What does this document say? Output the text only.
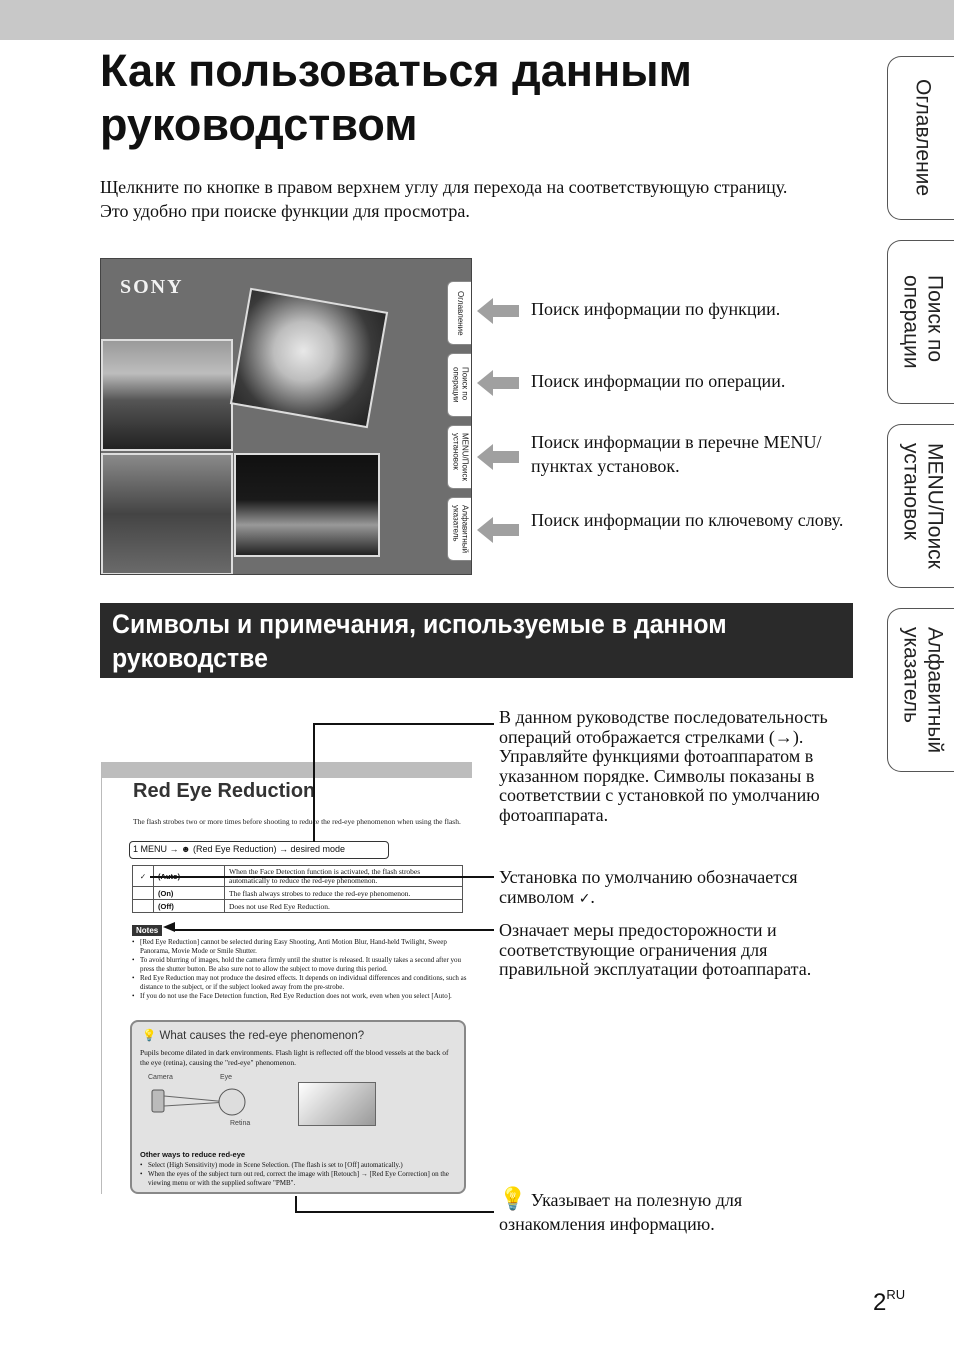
Как пользоваться данным руководством

Щелкните по кнопке в правом верхнем углу для перехода на соответствующую страницу.

Это удобно при поиске функции для просмотра.

Оглавление
Поиск по
операции
MENU/Поиск
установок
Алфавитный
указатель
SONY
Оглавление
Поиск по
операции
MENU/Поиск
установок
Алфавитный
указатель
Поиск информации по функции.
Поиск информации по операции.
Поиск информации в перечне MENU/пунктах установок.
Поиск информации по ключевому слову.
Символы и примечания, используемые в данном руководстве
Red Eye Reduction
The flash strobes two or more times before shooting to reduce the red-eye phenomenon when using the flash.
1 MENU → ☻ (Red Eye Reduction) → desired mode
✓	(Auto)	When the Face Detection function is activated, the flash strobes automatically to reduce the red-eye phenomenon.
	(On)	The flash always strobes to reduce the red-eye phenomenon.
	(Off)	Does not use Red Eye Reduction.
Notes
• [Red Eye Reduction] cannot be selected during Easy Shooting, Anti Motion Blur, Hand-held Twilight, Sweep Panorama, Movie Mode or Smile Shutter.
• To avoid blurring of images, hold the camera firmly until the shutter is released. It usually takes a second after you press the shutter button. Be also sure not to allow the subject to move during this period.
• Red Eye Reduction may not produce the desired effects. It depends on individual differences and conditions, such as distance to the subject, or if the subject looked away from the pre-strobe.
• If you do not use the Face Detection function, Red Eye Reduction does not work, even when you select [Auto].
💡 What causes the red-eye phenomenon?
Pupils become dilated in dark environments. Flash light is reflected off the blood vessels at the back of the eye (retina), causing the "red-eye" phenomenon.
Camera	Eye
Retina
Other ways to reduce red-eye
• Select (High Sensitivity) mode in Scene Selection. (The flash is set to [Off] automatically.)
• When the eyes of the subject turn out red, correct the image with [Retouch] → [Red Eye Correction] on the viewing menu or with the supplied software "PMB".
В данном руководстве последовательность операций отображается стрелками (→). Управляйте функциями фотоаппаратом в указанном порядке. Символы показаны в соответствии с установкой по умолчанию фотоаппарата.
Установка по умолчанию обозначается символом ✓.
Означает меры предосторожности и соответствующие ограничения для правильной эксплуатации фотоаппарата.
💡 Указывает на полезную для ознакомления информацию.
$2^{RU}$
